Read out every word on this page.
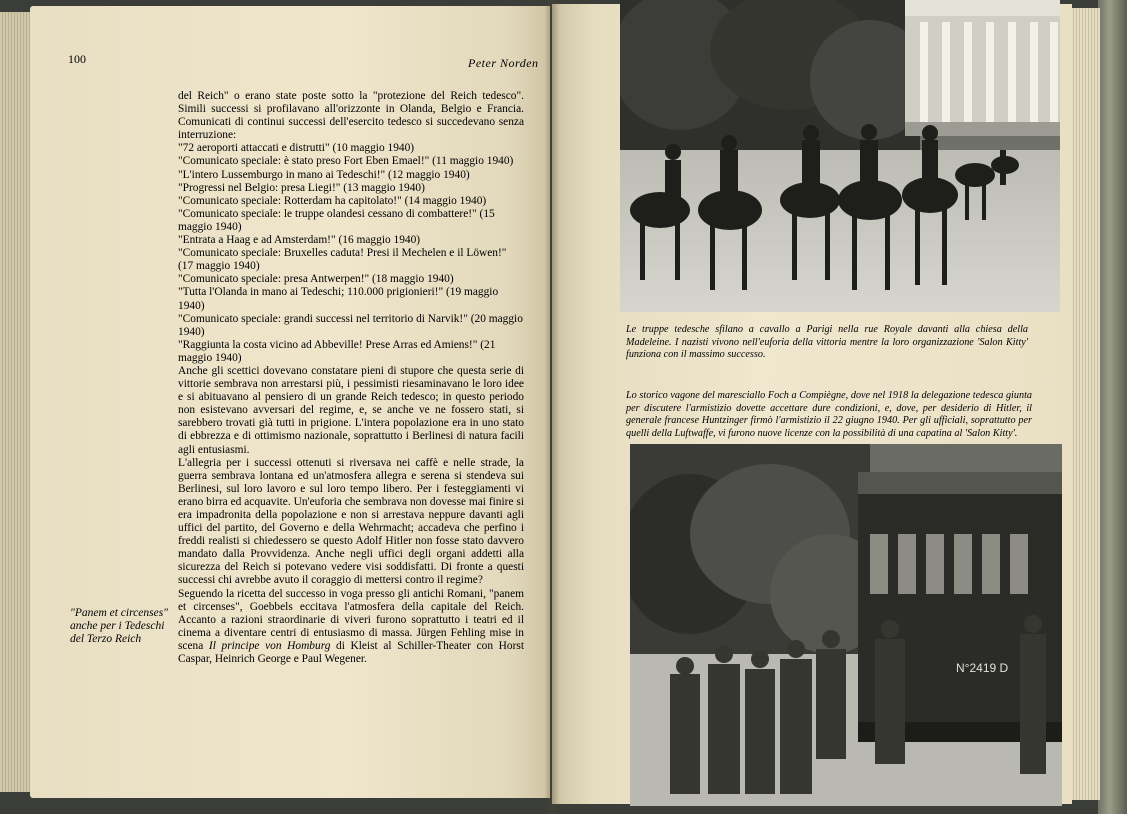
100	Peter Norden

del Reich" o erano state poste sotto la "protezione del Reich tedesco". Simili successi si profilavano all'orizzonte in Olanda, Belgio e Francia. Comunicati di continui successi dell'esercito tedesco si succedevano senza interruzione:

"72 aeroporti attaccati e distrutti" (10 maggio 1940)
"Comunicato speciale: è stato preso Fort Eben Emael!" (11 maggio 1940)
"L'intero Lussemburgo in mano ai Tedeschi!" (12 maggio 1940)
"Progressi nel Belgio: presa Liegi!" (13 maggio 1940)
"Comunicato speciale: Rotterdam ha capitolato!" (14 maggio 1940)
"Comunicato speciale: le truppe olandesi cessano di combattere!" (15 maggio 1940)
"Entrata a Haag e ad Amsterdam!" (16 maggio 1940)
"Comunicato speciale: Bruxelles caduta! Presi il Mechelen e il Löwen!" (17 maggio 1940)
"Comunicato speciale: presa Antwerpen!" (18 maggio 1940)
"Tutta l'Olanda in mano ai Tedeschi; 110.000 prigionieri!" (19 maggio 1940)
"Comunicato speciale: grandi successi nel territorio di Narvik!" (20 maggio 1940)
"Raggiunta la costa vicino ad Abbeville! Prese Arras ed Amiens!" (21 maggio 1940)

Anche gli scettici dovevano constatare pieni di stupore che questa serie di vittorie sembrava non arrestarsi più, i pessimisti riesaminavano le loro idee e si abituavano al pensiero di un grande Reich tedesco; in questo periodo non esistevano avversari del regime, e, se anche ve ne fossero stati, si sarebbero trovati già tutti in prigione. L'intera popolazione era in uno stato di ebbrezza e di ottimismo nazionale, soprattutto i Berlinesi di natura facili agli entusiasmi.

L'allegria per i successi ottenuti si riversava nei caffè e nelle strade, la guerra sembrava lontana ed un'atmosfera allegra e serena si stendeva sui Berlinesi, sul loro lavoro e sul loro tempo libero. Per i festeggiamenti vi erano birra ed acquavite. Un'euforia che sembrava non dovesse mai finire si era impadronita della popolazione e non si arrestava neppure davanti agli uffici del partito, del Governo e della Wehrmacht; accadeva che perfino i freddi realisti si chiedessero se questo Adolf Hitler non fosse stato davvero mandato dalla Provvidenza. Anche negli uffici degli organi addetti alla sicurezza del Reich si potevano vedere visi soddisfatti. Di fronte a questi successi chi avrebbe avuto il coraggio di mettersi contro il regime?

Seguendo la ricetta del successo in voga presso gli antichi Romani, "panem et circenses", Goebbels eccitava l'atmosfera della capitale del Reich. Accanto a razioni straordinarie di viveri furono soprattutto i teatri ed il cinema a diventare centri di entusiasmo di massa. Jürgen Fehling mise in scena Il principe von Homburg di Kleist al Schiller-Theater con Horst Caspar, Heinrich George e Paul Wegener.

"Panem et circenses" anche per i Tedeschi del Terzo Reich
Le truppe tedesche sfilano a cavallo a Parigi nella rue Royale davanti alla chiesa della Madeleine. I nazisti vivono nell'euforia della vittoria mentre la loro organizzazione 'Salon Kitty' funziona con il massimo successo.
Lo storico vagone del maresciallo Foch a Compiègne, dove nel 1918 la delegazione tedesca giunta per discutere l'armistizio dovette accettare dure condizioni, e, dove, per desiderio di Hitler, il generale francese Huntzinger firmò l'armistizio il 22 giugno 1940. Per gli ufficiali, soprattutto per quelli della Luftwaffe, vi furono nuove licenze con la possibilità di una capatina al 'Salon Kitty'.
N°2419 D
